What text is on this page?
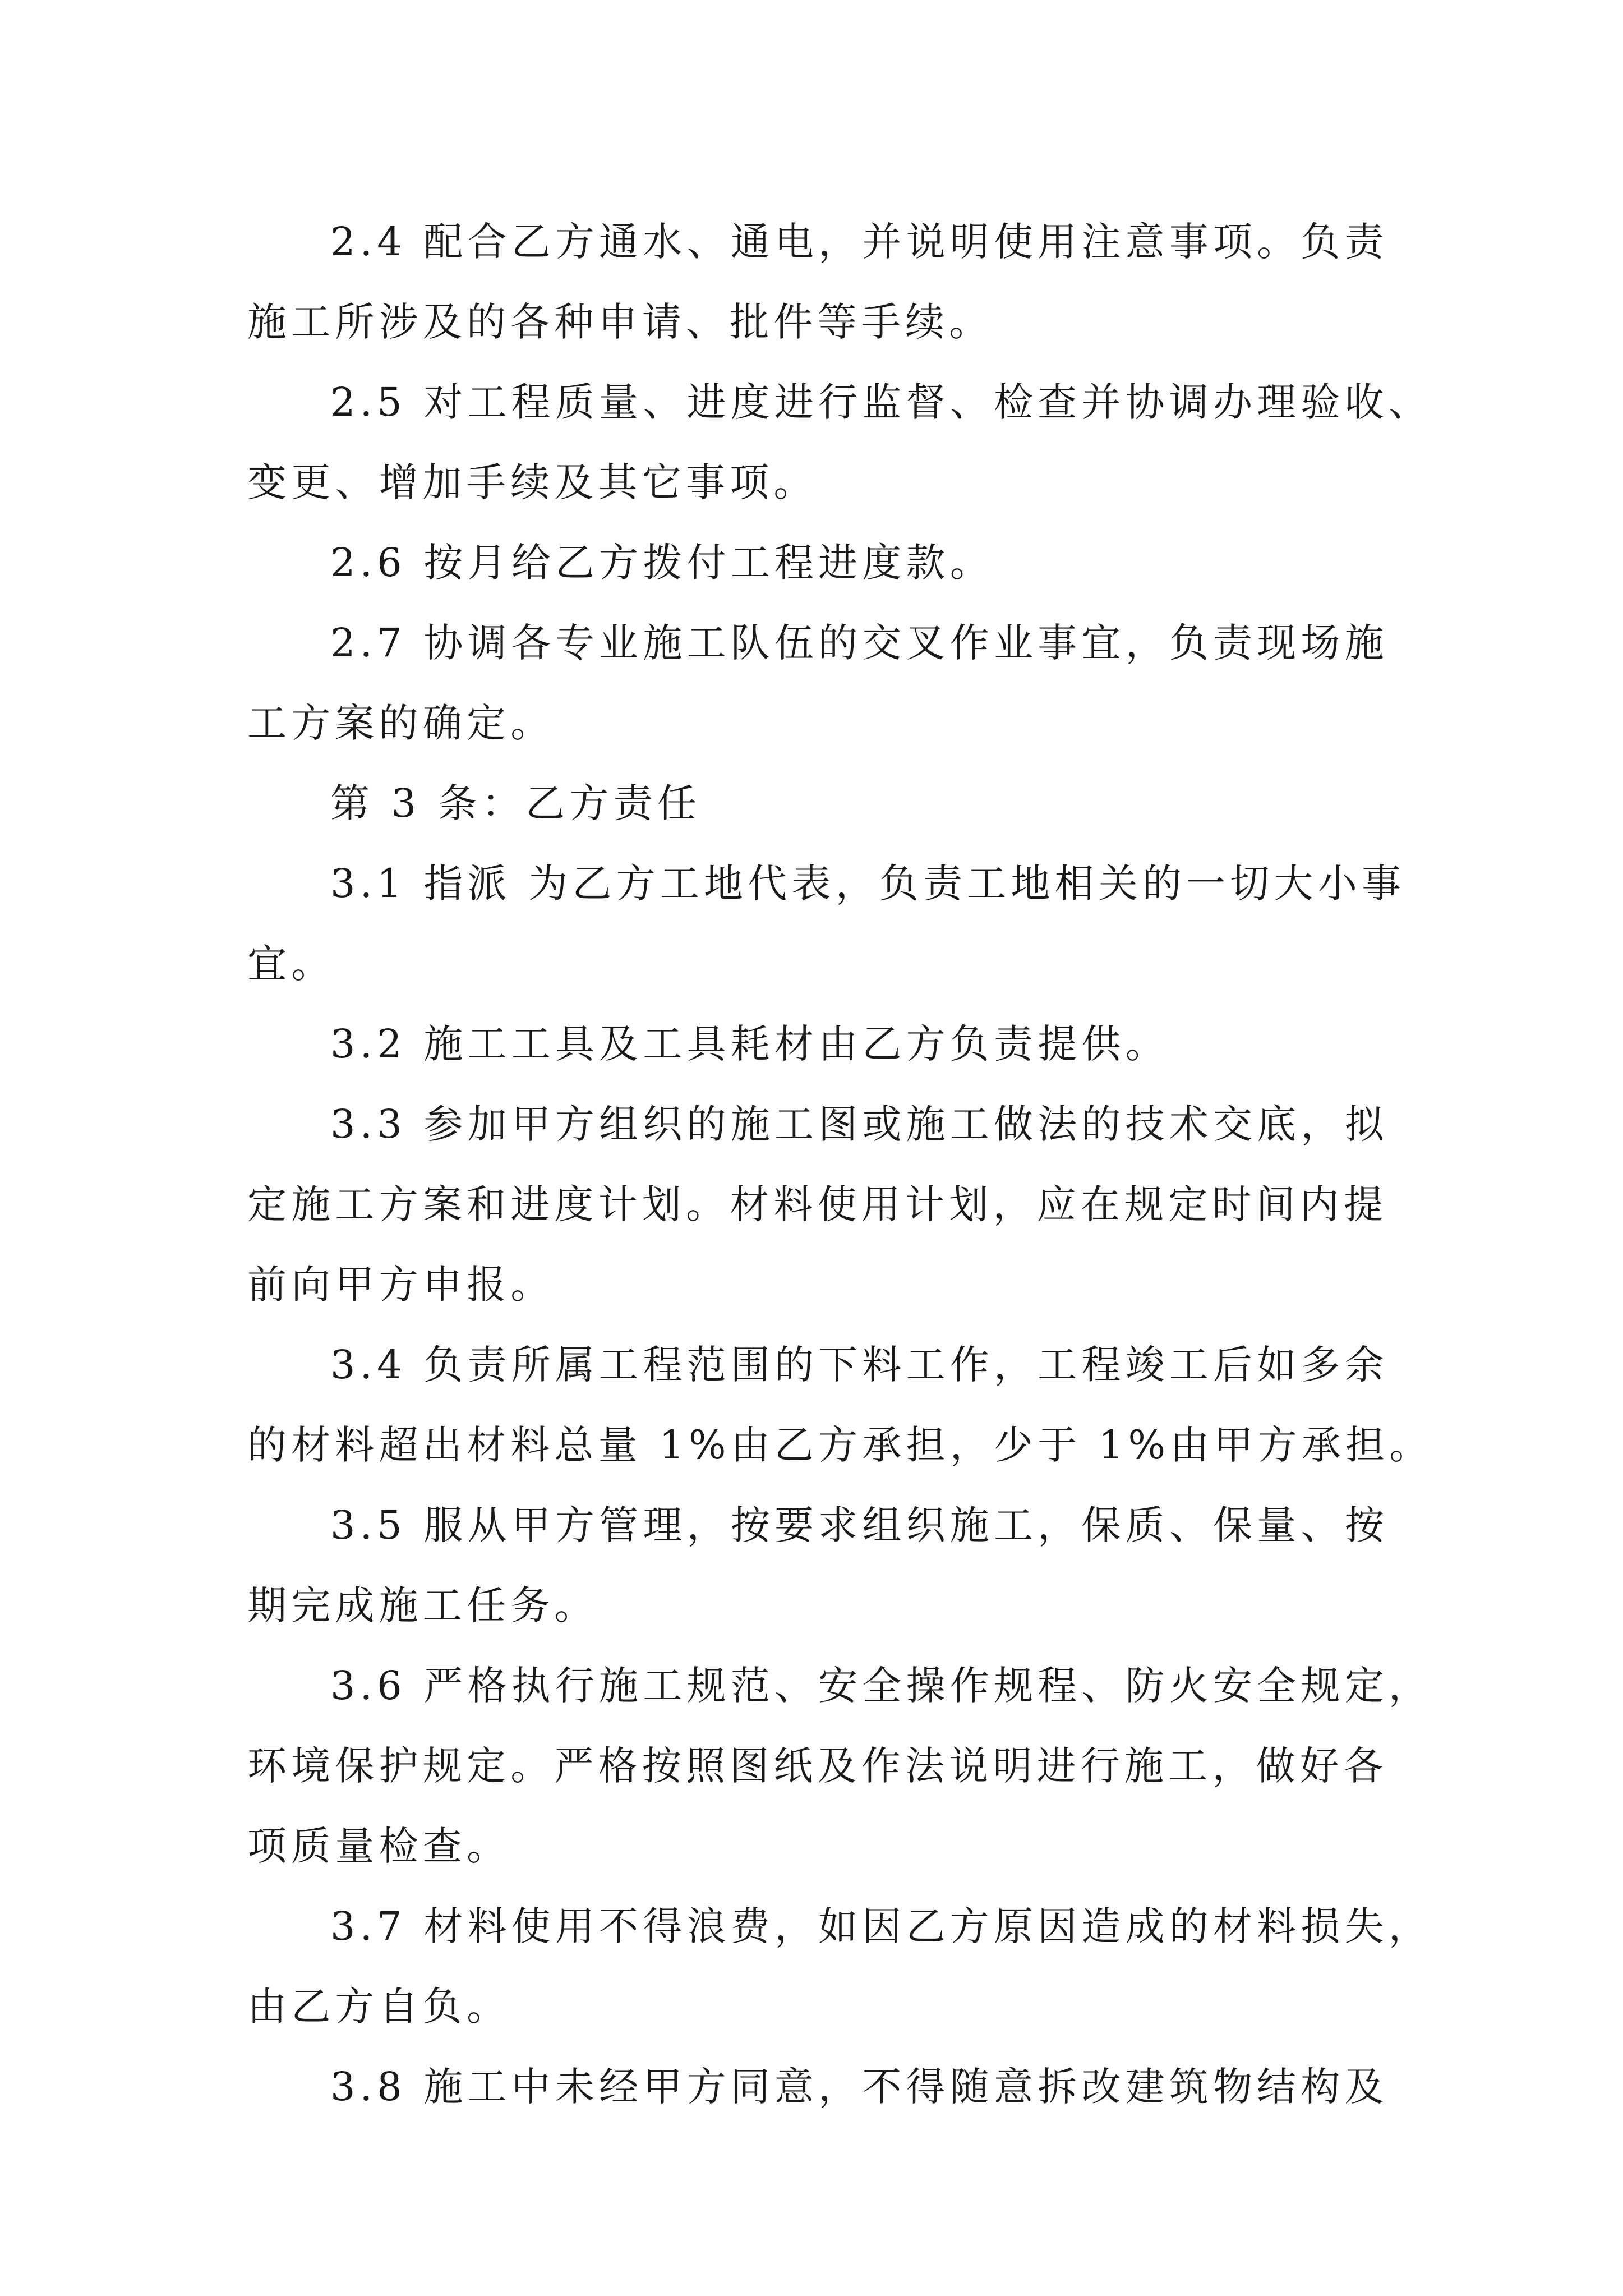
2.4 配合乙方通水、通电，并说明使用注意事项。负责

施工所涉及的各种申请、批件等手续。

2.5 对工程质量、进度进行监督、检查并协调办理验收、

变更、增加手续及其它事项。

2.6 按月给乙方拨付工程进度款。

2.7 协调各专业施工队伍的交叉作业事宜，负责现场施

工方案的确定。

第 3 条：乙方责任

3.1 指派 为乙方工地代表，负责工地相关的一切大小事

宜。

3.2 施工工具及工具耗材由乙方负责提供。

3.3 参加甲方组织的施工图或施工做法的技术交底，拟

定施工方案和进度计划。材料使用计划，应在规定时间内提

前向甲方申报。

3.4 负责所属工程范围的下料工作，工程竣工后如多余

的材料超出材料总量 1%由乙方承担，少于 1%由甲方承担。

3.5 服从甲方管理，按要求组织施工，保质、保量、按

期完成施工任务。

3.6 严格执行施工规范、安全操作规程、防火安全规定，

环境保护规定。严格按照图纸及作法说明进行施工，做好各

项质量检查。

3.7 材料使用不得浪费，如因乙方原因造成的材料损失，

由乙方自负。

3.8 施工中未经甲方同意，不得随意拆改建筑物结构及
